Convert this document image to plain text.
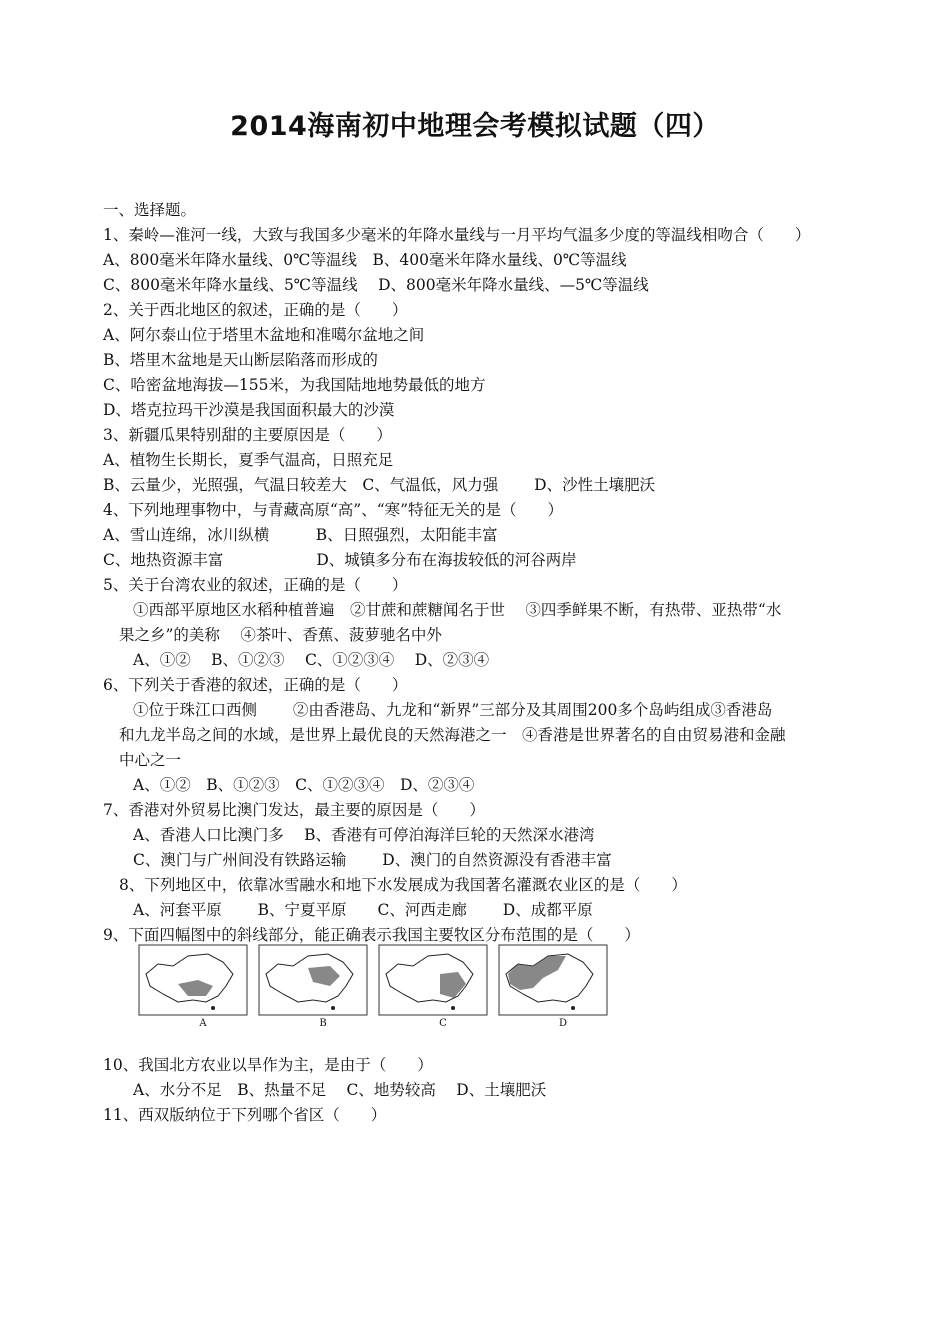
2014海南初中地理会考模拟试题（四）
一、选择题。
1、秦岭—淮河一线，大致与我国多少毫米的年降水量线与一月平均气温多少度的等温线相吻合（　　）
A、800毫米年降水量线、0℃等温线　B、400毫米年降水量线、0℃等温线
C、800毫米年降水量线、5℃等温线　 D、800毫米年降水量线、—5℃等温线
2、关于西北地区的叙述，正确的是（　　）
A、阿尔泰山位于塔里木盆地和准噶尔盆地之间
B、塔里木盆地是天山断层陷落而形成的
C、哈密盆地海拔—155米，为我国陆地地势最低的地方
D、塔克拉玛干沙漠是我国面积最大的沙漠
3、新疆瓜果特别甜的主要原因是（　　）
A、植物生长期长，夏季气温高，日照充足
B、云量少，光照强，气温日较差大　C、气温低，风力强　　 D、沙性土壤肥沃
4、下列地理事物中，与青藏高原“高”、“寒”特征无关的是（　　）
A、雪山连绵，冰川纵横　　　B、日照强烈，太阳能丰富
C、地热资源丰富　　　　　　D、城镇多分布在海拔较低的河谷两岸
5、关于台湾农业的叙述，正确的是（　　）
①西部平原地区水稻种植普遍　②甘蔗和蔗糖闻名于世　 ③四季鲜果不断，有热带、亚热带“水
果之乡”的美称　 ④茶叶、香蕉、菠萝驰名中外
A、①②　 B、①②③　 C、①②③④　 D、②③④
6、下列关于香港的叙述，正确的是（　　）
①位于珠江口西侧　　 ②由香港岛、九龙和“新界”三部分及其周围200多个岛屿组成③香港岛
和九龙半岛之间的水域，是世界上最优良的天然海港之一　④香港是世界著名的自由贸易港和金融
中心之一
A、①②　B、①②③　C、①②③④　D、②③④
7、香港对外贸易比澳门发达，最主要的原因是（　　）
A、香港人口比澳门多　 B、香港有可停泊海洋巨轮的天然深水港湾
C、澳门与广州间没有铁路运输　　 D、澳门的自然资源没有香港丰富
8、下列地区中，依靠冰雪融水和地下水发展成为我国著名灌溉农业区的是（　　）
A、河套平原　　 B、宁夏平原　　C、河西走廊　　 D、成都平原
9、下面四幅图中的斜线部分，能正确表示我国主要牧区分布范围的是（　　）
A	B	C	D
10、我国北方农业以旱作为主，是由于（　　）
A、水分不足　B、热量不足　 C、地势较高　 D、土壤肥沃
11、西双版纳位于下列哪个省区（　　）
